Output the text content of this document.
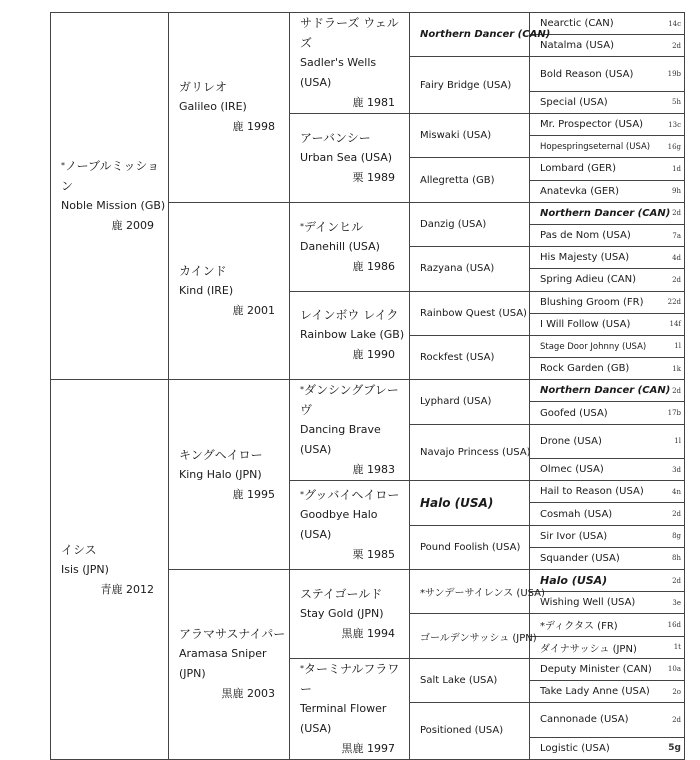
*ノーブルミッション
Noble Mission (GB)
鹿 2009	ガリレオ
Galileo (IRE)
鹿 1998	サドラーズ ウェルズ
Sadler's Wells (USA)
鹿 1981	Northern Dancer (CAN)	Nearctic (CAN) 14c

				Natalma (USA) 2d

			Fairy Bridge (USA)	Bold Reason (USA) 19b

				Special (USA) 5h

		アーバンシー
Urban Sea (USA)
栗 1989	Miswaki (USA)	Mr. Prospector (USA) 13c

				Hopespringseternal (USA) 16g

			Allegretta (GB)	Lombard (GER) 1d

				Anatevka (GER) 9h

	カインド
Kind (IRE)
鹿 2001	*デインヒル
Danehill (USA)
鹿 1986	Danzig (USA)	Northern Dancer (CAN) 2d

				Pas de Nom (USA) 7a

			Razyana (USA)	His Majesty (USA) 4d

				Spring Adieu (CAN) 2d

		レインボウ レイク
Rainbow Lake (GB)
鹿 1990	Rainbow Quest (USA)	Blushing Groom (FR) 22d

				I Will Follow (USA) 14f

			Rockfest (USA)	Stage Door Johnny (USA) 1l

				Rock Garden (GB) 1k

イシス
Isis (JPN)
青鹿 2012	キングヘイロー
King Halo (JPN)
鹿 1995	*ダンシングブレーヴ
Dancing Brave (USA)
鹿 1983	Lyphard (USA)	Northern Dancer (CAN) 2d

				Goofed (USA) 17b

			Navajo Princess (USA)	Drone (USA) 1l

				Olmec (USA) 3d

		*グッバイヘイロー
Goodbye Halo (USA)
栗 1985	Halo (USA)	Hail to Reason (USA) 4n

				Cosmah (USA) 2d

			Pound Foolish (USA)	Sir Ivor (USA) 8g

				Squander (USA) 8h

	アラマサスナイパー
Aramasa Sniper (JPN)
黒鹿 2003	ステイゴールド
Stay Gold (JPN)
黒鹿 1994	*サンデーサイレンス (USA)	Halo (USA) 2d

				Wishing Well (USA) 3e

			ゴールデンサッシュ (JPN)	*ディクタス (FR) 16d

				ダイナサッシュ (JPN) 1t

		*ターミナルフラワー
Terminal Flower (USA)
黒鹿 1997	Salt Lake (USA)	Deputy Minister (CAN) 10a

				Take Lady Anne (USA) 2o

			Positioned (USA)	Cannonade (USA) 2d

				Logistic (USA) 5g
